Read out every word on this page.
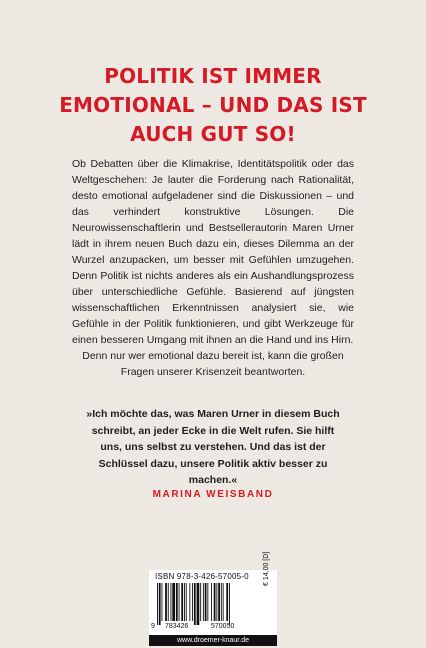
POLITIK IST IMMER
EMOTIONAL – UND DAS IST
AUCH GUT SO!

Ob Debatten über die Klimakrise, Identitätspolitik oder das Weltgeschehen: Je lauter die Forderung nach Rationalität, desto emotional aufgeladener sind die Diskussionen – und das verhindert konstruktive Lösungen. Die Neurowissenschaftlerin und Bestsellerautorin Maren Urner lädt in ihrem neuen Buch dazu ein, dieses Dilemma an der Wurzel anzupacken, um besser mit Gefühlen umzugehen. Denn Politik ist nichts anderes als ein Aushandlungsprozess über unterschiedliche Gefühle. Basierend auf jüngsten wissenschaftlichen Erkenntnissen analysiert sie, wie Gefühle in der Politik funktionieren, und gibt Werkzeuge für einen besseren Umgang mit ihnen an die Hand und ins Hirn.

Denn nur wer emotional dazu bereit ist, kann die großen Fragen unserer Krisenzeit beantworten.

»Ich möchte das, was Maren Urner in diesem Buch schreibt, an jeder Ecke in die Welt rufen. Sie hilft uns, uns selbst zu verstehen. Und das ist der Schlüssel dazu, unsere Politik aktiv besser zu machen.«
MARINA WEISBAND
ISBN 978-3-426-57005-0
9 783426	570050
€ 14,00 [D]
www.droemer-knaur.de
